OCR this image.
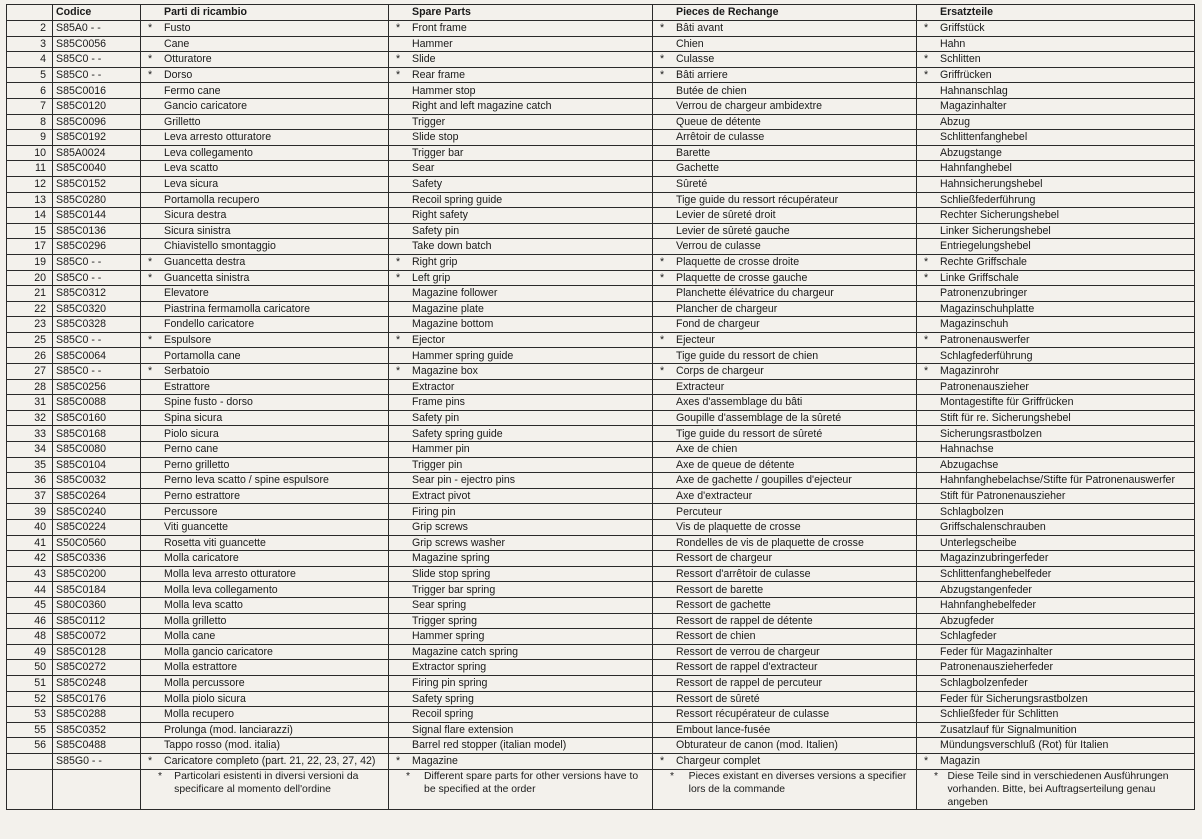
	Codice	Parti di ricambio	Spare Parts	Pieces de Rechange	Ersatzteile
2	S85A0 - -	* Fusto	* Front frame	* Bâti avant	* Griffstück
3	S85C0056	Cane	Hammer	Chien	Hahn
4	S85C0 - -	* Otturatore	* Slide	* Culasse	* Schlitten
5	S85C0 - -	* Dorso	* Rear frame	* Bâti arriere	* Griffrücken
6	S85C0016	Fermo cane	Hammer stop	Butée de chien	Hahnanschlag
7	S85C0120	Gancio caricatore	Right and left magazine catch	Verrou de chargeur ambidextre	Magazinhalter
8	S85C0096	Grilletto	Trigger	Queue de détente	Abzug
9	S85C0192	Leva arresto otturatore	Slide stop	Arrêtoir de culasse	Schlittenfanghebel
10	S85A0024	Leva collegamento	Trigger bar	Barette	Abzugstange
11	S85C0040	Leva scatto	Sear	Gachette	Hahnfanghebel
12	S85C0152	Leva sicura	Safety	Sûreté	Hahnsicherungshebel
13	S85C0280	Portamolla recupero	Recoil spring guide	Tige guide du ressort récupérateur	Schließfederführung
14	S85C0144	Sicura destra	Right safety	Levier de sûreté droit	Rechter Sicherungshebel
15	S85C0136	Sicura sinistra	Safety pin	Levier de sûreté gauche	Linker Sicherungshebel
17	S85C0296	Chiavistello smontaggio	Take down batch	Verrou de culasse	Entriegelungshebel
19	S85C0 - -	* Guancetta destra	* Right grip	* Plaquette de crosse droite	* Rechte Griffschale
20	S85C0 - -	* Guancetta sinistra	* Left grip	* Plaquette de crosse gauche	* Linke Griffschale
21	S85C0312	Elevatore	Magazine follower	Planchette élévatrice du chargeur	Patronenzubringer
22	S85C0320	Piastrina fermamolla caricatore	Magazine plate	Plancher de chargeur	Magazinschuhplatte
23	S85C0328	Fondello caricatore	Magazine bottom	Fond de chargeur	Magazinschuh
25	S85C0 - -	* Espulsore	* Ejector	* Ejecteur	* Patronenauswerfer
26	S85C0064	Portamolla cane	Hammer spring guide	Tige guide du ressort de chien	Schlagfederführung
27	S85C0 - -	* Serbatoio	* Magazine box	* Corps de chargeur	* Magazinrohr
28	S85C0256	Estrattore	Extractor	Extracteur	Patronenauszieher
31	S85C0088	Spine fusto - dorso	Frame pins	Axes d'assemblage du bâti	Montagestifte für Griffrücken
32	S85C0160	Spina sicura	Safety pin	Goupille d'assemblage de la sûreté	Stift für re. Sicherungshebel
33	S85C0168	Piolo sicura	Safety spring guide	Tige guide du ressort de sûreté	Sicherungsrastbolzen
34	S85C0080	Perno cane	Hammer pin	Axe de chien	Hahnachse
35	S85C0104	Perno grilletto	Trigger pin	Axe de queue de détente	Abzugachse
36	S85C0032	Perno leva scatto / spine espulsore	Sear pin - ejectro pins	Axe de gachette / goupilles d'ejecteur	Hahnfanghebelachse/Stifte für Patronenauswerfer
37	S85C0264	Perno estrattore	Extract pivot	Axe d'extracteur	Stift für Patronenauszieher
39	S85C0240	Percussore	Firing pin	Percuteur	Schlagbolzen
40	S85C0224	Viti guancette	Grip screws	Vis de plaquette de crosse	Griffschalenschrauben
41	S50C0560	Rosetta viti guancette	Grip screws washer	Rondelles de vis de plaquette de crosse	Unterlegscheibe
42	S85C0336	Molla caricatore	Magazine spring	Ressort de chargeur	Magazinzubringerfeder
43	S85C0200	Molla leva arresto otturatore	Slide stop spring	Ressort d'arrêtoir de culasse	Schlittenfanghebelfeder
44	S85C0184	Molla leva collegamento	Trigger bar spring	Ressort de barette	Abzugstangenfeder
45	S80C0360	Molla leva scatto	Sear spring	Ressort de gachette	Hahnfanghebelfeder
46	S85C0112	Molla grilletto	Trigger spring	Ressort de rappel de détente	Abzugfeder
48	S85C0072	Molla cane	Hammer spring	Ressort de chien	Schlagfeder
49	S85C0128	Molla gancio caricatore	Magazine catch spring	Ressort de verrou de chargeur	Feder für Magazinhalter
50	S85C0272	Molla estrattore	Extractor spring	Ressort de rappel d'extracteur	Patronenauszieherfeder
51	S85C0248	Molla percussore	Firing pin spring	Ressort de rappel de percuteur	Schlagbolzenfeder
52	S85C0176	Molla piolo sicura	Safety spring	Ressort de sûreté	Feder für Sicherungsrastbolzen
53	S85C0288	Molla recupero	Recoil spring	Ressort récupérateur de culasse	Schließfeder für Schlitten
55	S85C0352	Prolunga (mod. lanciarazzi)	Signal flare extension	Embout lance-fusée	Zusatzlauf für Signalmunition
56	S85C0488	Tappo rosso (mod. italia)	Barrel red stopper (italian model)	Obturateur de canon (mod. Italien)	Mündungsverschluß (Rot) für Italien
	S85G0 - -	* Caricatore completo (part. 21, 22, 23, 27, 42)	* Magazine	* Chargeur complet	* Magazin

		* Particolari esistenti in diversi versioni da specificare al momento dell'ordine	* Different spare parts for other versions have to be specified at the order	* Pieces existant en diverses versions a specifier lors de la commande	* Diese Teile sind in verschiedenen Ausführungen vorhanden. Bitte, bei Auftragserteilung genau angeben
